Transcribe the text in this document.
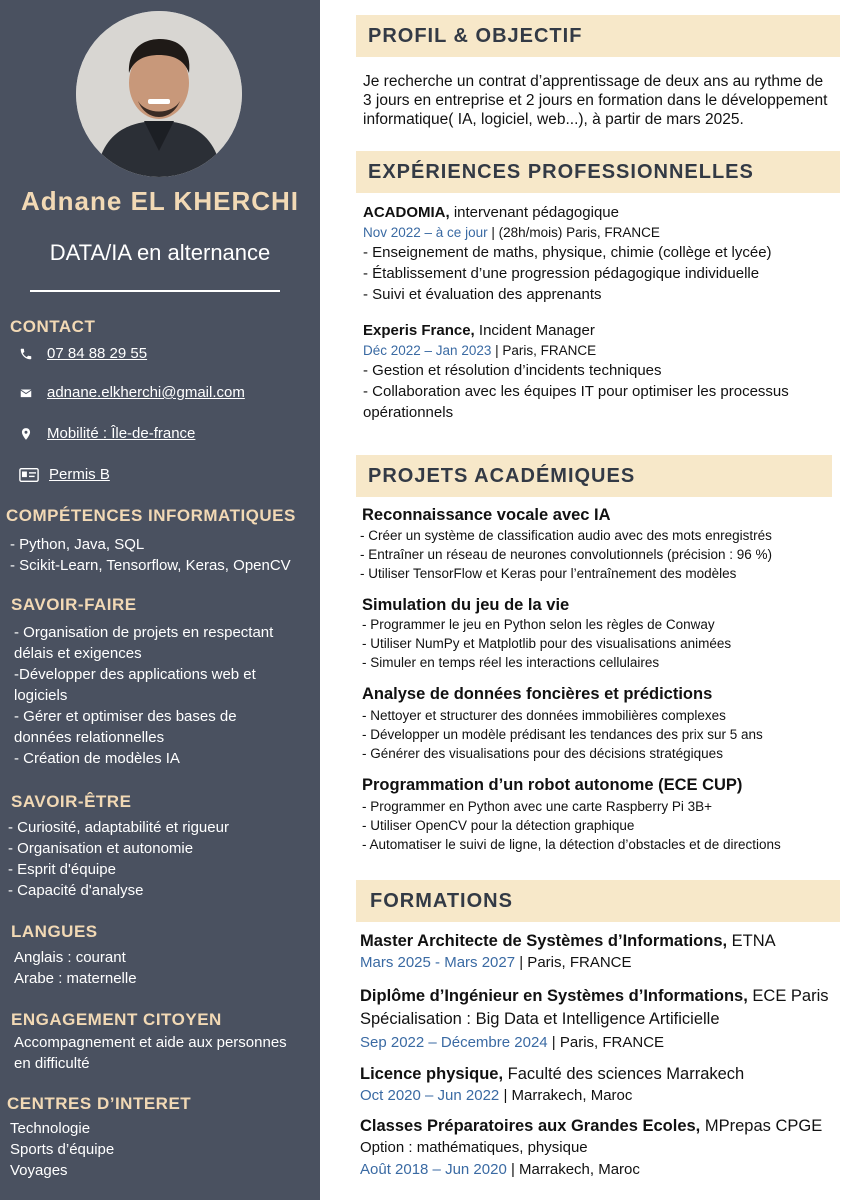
Adnane EL KHERCHI
DATA/IA en alternance
CONTACT
07 84 88 29 55
adnane.elkherchi@gmail.com
Mobilité : Île-de-france
Permis B
COMPÉTENCES INFORMATIQUES
- Python, Java, SQL
- Scikit-Learn, Tensorflow, Keras, OpenCV
SAVOIR-FAIRE
- Organisation de projets en respectant
délais et exigences
-Développer des applications web et
logiciels
- Gérer et optimiser des bases de
données relationnelles
- Création de modèles IA
SAVOIR-ÊTRE
- Curiosité, adaptabilité et rigueur
- Organisation et autonomie
- Esprit d'équipe
- Capacité d'analyse
LANGUES
Anglais : courant
Arabe : maternelle
ENGAGEMENT CITOYEN
Accompagnement et aide aux personnes
en difficulté
CENTRES D’INTERET
Technologie
Sports d’équipe
Voyages
PROFIL & OBJECTIF
Je recherche un contrat d’apprentissage de deux ans au rythme de
3 jours en entreprise et 2 jours en formation dans le développement
informatique( IA, logiciel, web...), à partir de mars 2025.
EXPÉRIENCES PROFESSIONNELLES
ACADOMIA, intervenant pédagogique
Nov 2022 – à ce jour | (28h/mois) Paris, FRANCE
- Enseignement de maths, physique, chimie (collège et lycée)
- Établissement d’une progression pédagogique individuelle
- Suivi et évaluation des apprenants
Experis France, Incident Manager
Déc 2022 – Jan 2023 | Paris, FRANCE
- Gestion et résolution d’incidents techniques
- Collaboration avec les équipes IT pour optimiser les processus
opérationnels
PROJETS ACADÉMIQUES
Reconnaissance vocale avec IA
- Créer un système de classification audio avec des mots enregistrés
- Entraîner un réseau de neurones convolutionnels (précision : 96 %)
- Utiliser TensorFlow et Keras pour l’entraînement des modèles
Simulation du jeu de la vie
- Programmer le jeu en Python selon les règles de Conway
- Utiliser NumPy et Matplotlib pour des visualisations animées
- Simuler en temps réel les interactions cellulaires
Analyse de données foncières et prédictions
- Nettoyer et structurer des données immobilières complexes
- Développer un modèle prédisant les tendances des prix sur 5 ans
- Générer des visualisations pour des décisions stratégiques
Programmation d’un robot autonome (ECE CUP)
- Programmer en Python avec une carte Raspberry Pi 3B+
- Utiliser OpenCV pour la détection graphique
- Automatiser le suivi de ligne, la détection d’obstacles et de directions
FORMATIONS
Master Architecte de Systèmes d’Informations, ETNA
Mars 2025 - Mars 2027 | Paris, FRANCE
Diplôme d’Ingénieur en Systèmes d’Informations, ECE Paris
Spécialisation : Big Data et Intelligence Artificielle
Sep 2022 – Décembre 2024 | Paris, FRANCE
Licence physique, Faculté des sciences Marrakech
Oct 2020 – Jun 2022 | Marrakech, Maroc
Classes Préparatoires aux Grandes Ecoles, MPrepas CPGE
Option : mathématiques, physique
Août 2018 – Jun 2020 | Marrakech, Maroc
